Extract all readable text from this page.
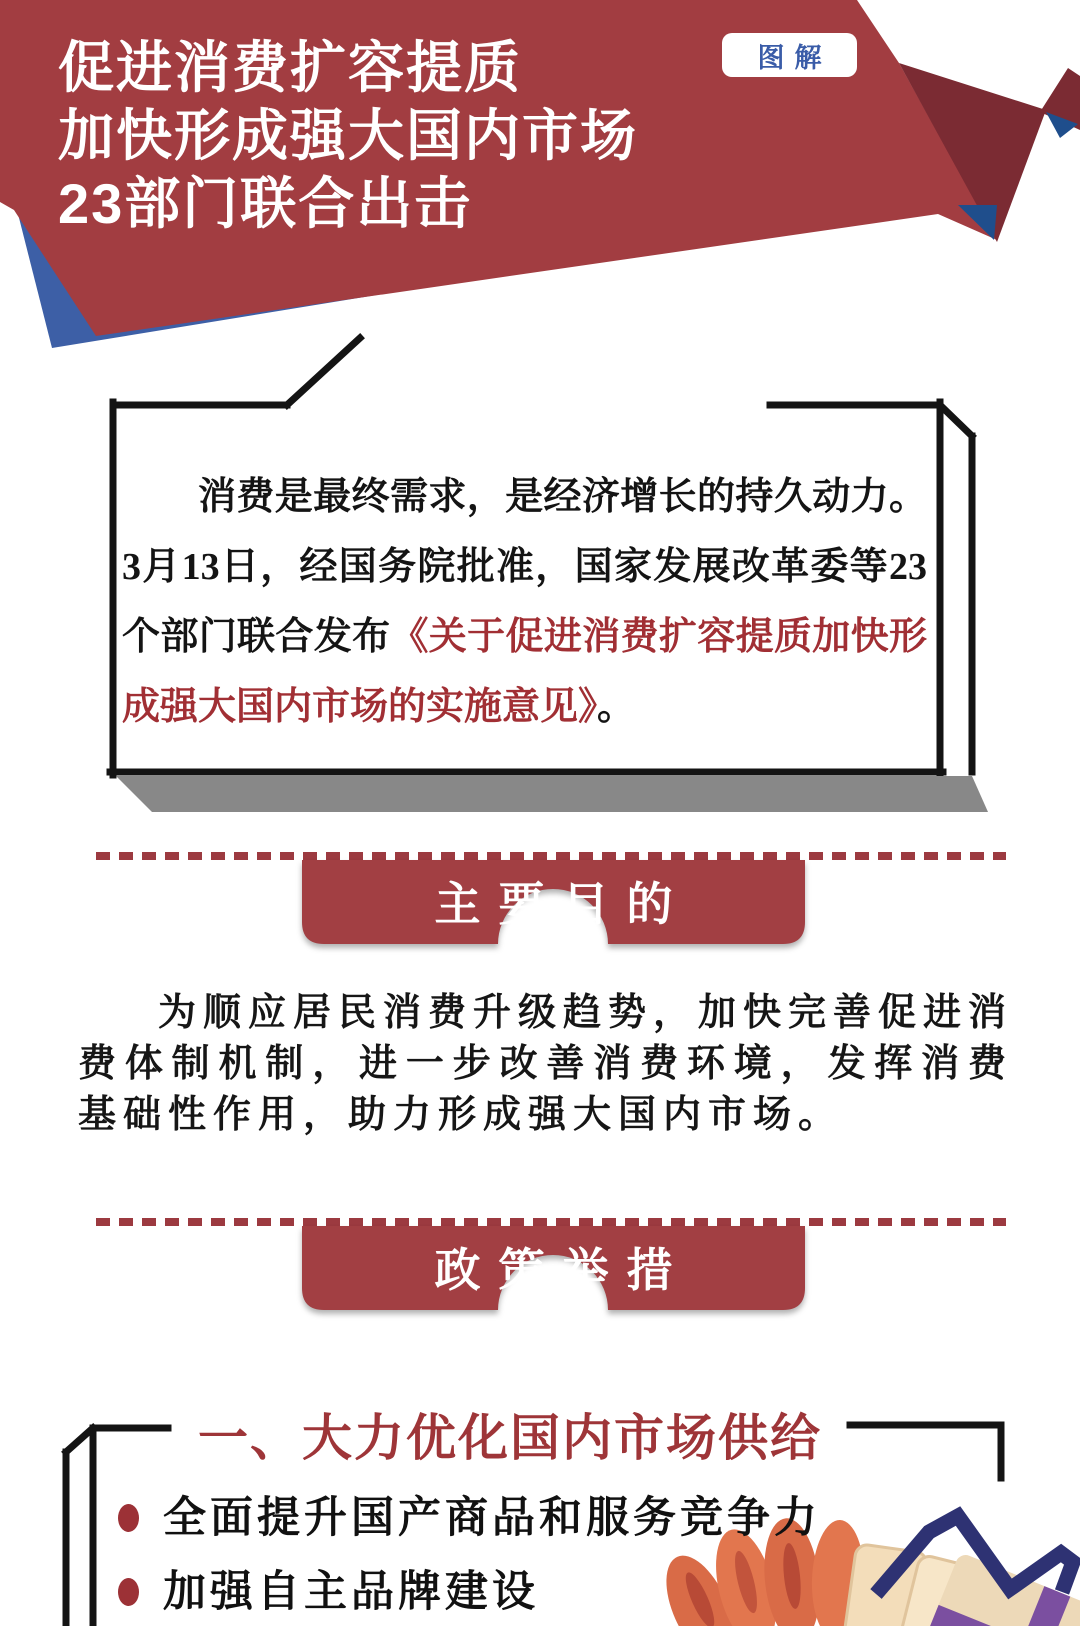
促进消费扩容提质
加快形成强大国内市场
23部门联合出击
图解
消费是最终需求，是经济增长的持久动力。3月13日，经国务院批准，国家发展改革委等23个部门联合发布《关于促进消费扩容提质加快形成强大国内市场的实施意见》。
主要目的
为顺应居民消费升级趋势，加快完善促进消费体制机制，进一步改善消费环境，发挥消费基础性作用，助力形成强大国内市场。
政策举措
一、大力优化国内市场供给
全面提升国产商品和服务竞争力
加强自主品牌建设
